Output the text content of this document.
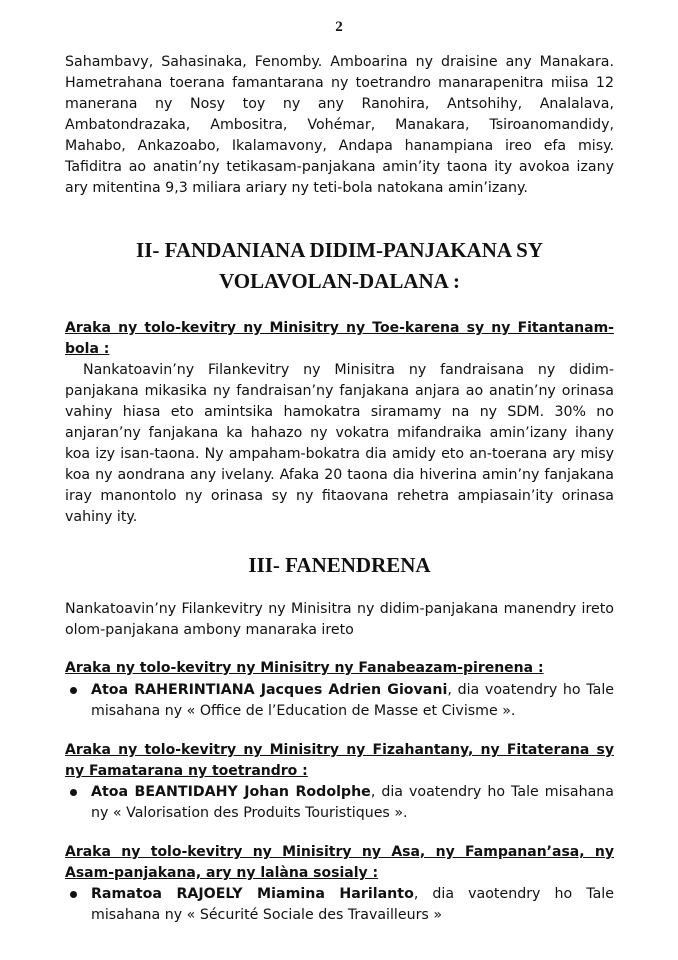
2

Sahambavy, Sahasinaka, Fenomby. Amboarina ny draisine any Manakara. Hametrahana toerana famantarana ny toetrandro manarapenitra miisa 12 manerana ny Nosy toy ny any Ranohira, Antsohihy, Analalava, Ambatondrazaka, Ambositra, Vohémar, Manakara, Tsiroanomandidy, Mahabo, Ankazoabo, Ikalamavony, Andapa hanampiana ireo efa misy. Tafiditra ao anatin’ny tetikasam-panjakana amin’ity taona ity avokoa izany ary mitentina 9,3 miliara ariary ny teti-bola natokana amin’izany.

II- FANDANIANA DIDIM-PANJAKANA SY VOLAVOLAN-DALANA :
Araka ny tolo-kevitry ny Minisitry ny Toe-karena sy ny Fitantanam-bola :

Nankatoavin’ny Filankevitry ny Minisitra ny fandraisana ny didim-panjakana mikasika ny fandraisan’ny fanjakana anjara ao anatin’ny orinasa vahiny hiasa eto amintsika hamokatra siramamy na ny SDM. 30% no anjaran’ny fanjakana ka hahazo ny vokatra mifandraika amin’izany ihany koa izy isan-taona. Ny ampaham-bokatra dia amidy eto an-toerana ary misy koa ny aondrana any ivelany. Afaka 20 taona dia hiverina amin’ny fanjakana iray manontolo ny orinasa sy ny fitaovana rehetra ampiasain’ity orinasa vahiny ity.

III- FANENDRENA

Nankatoavin’ny Filankevitry ny Minisitra ny didim-panjakana manendry ireto olom-panjakana ambony manaraka ireto

Araka ny tolo-kevitry ny Minisitry ny Fanabeazam-pirenena :
Atoa RAHERINTIANA Jacques Adrien Giovani, dia voatendry ho Tale misahana ny « Office de l’Education de Masse et Civisme ».
Araka ny tolo-kevitry ny Minisitry ny Fizahantany, ny Fitaterana sy ny Famatarana ny toetrandro :
Atoa BEANTIDAHY Johan Rodolphe, dia voatendry ho Tale misahana ny « Valorisation des Produits Touristiques ».
Araka ny tolo-kevitry ny Minisitry ny Asa, ny Fampanan’asa, ny Asam-panjakana, ary ny lalàna sosialy :
Ramatoa RAJOELY Miamina Harilanto, dia vaotendry ho Tale misahana ny « Sécurité Sociale des Travailleurs »
